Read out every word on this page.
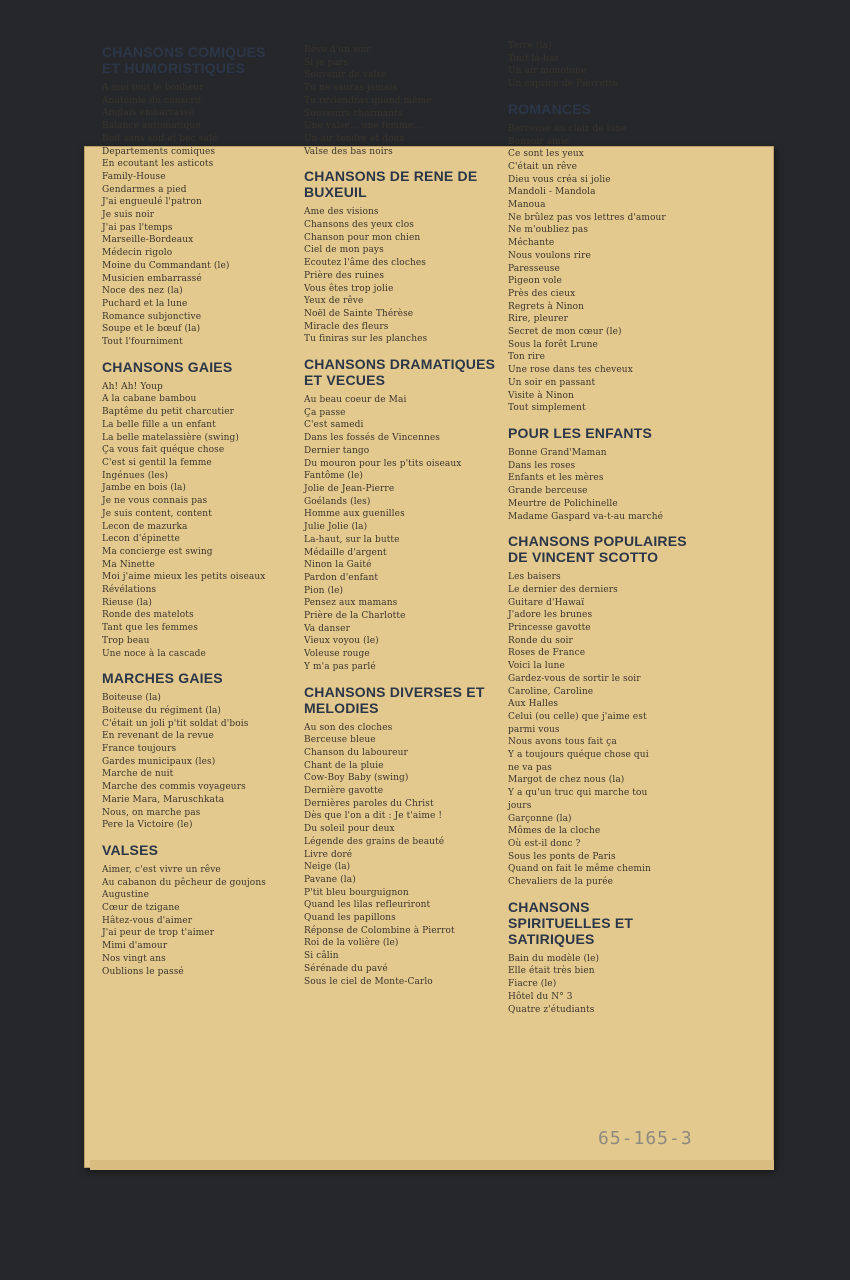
CHANSONS COMIQUES ET HUMORISTIQUES
A moi tout le bonheur
Anatomie du conscrit
Anglais embarrassé
Balance automatique
Boit sans soif et bec salé
Departements comiques
En ecoutant les asticots
Family-House
Gendarmes a pied
J'ai engueulé l'patron
Je suis noir
J'ai pas l'temps
Marseille-Bordeaux
Médecin rigolo
Moine du Commandant (le)
Musicien embarrassé
Noce des nez (la)
Puchard et la lune
Romance subjonctive
Soupe et le bœuf (la)
Tout l'fourniment
CHANSONS GAIES
Ah! Ah! Youp
A la cabane bambou
Baptême du petit charcutier
La belle fille a un enfant
La belle matelassière (swing)
Ça vous fait quéque chose
C'est si gentil la femme
Ingénues (les)
Jambe en bois (la)
Je ne vous connais pas
Je suis content, content
Lecon de mazurka
Lecon d'épinette
Ma concierge est swing
Ma Ninette
Moi j'aime mieux les petits oiseaux
Révélations
Rieuse (la)
Ronde des matelots
Tant que les femmes
Trop beau
Une noce à la cascade
MARCHES GAIES
Boiteuse (la)
Boiteuse du régiment (la)
C'était un joli p'tit soldat d'bois
En revenant de la revue
France toujours
Gardes municipaux (les)
Marche de nuit
Marche des commis voyageurs
Marie Mara, Maruschkata
Nous, on marche pas
Pere la Victoire (le)
VALSES
Aimer, c'est vivre un rêve
Au cabanon du pêcheur de goujons
Augustine
Cœur de tzigane
Hâtez-vous d'aimer
J'ai peur de trop t'aimer
Mimi d'amour
Nos vingt ans
Oublions le passé
Rêve d'un soir
Si je pars
Souvenir de valse
Tu ne sauras jamais
Tu reviendras quand même
Souvenirs charmants
Une valse... une femme...
Un air tendre et doux
Valse des bas noirs
CHANSONS DE RENE DE BUXEUIL
Ame des visions
Chansons des yeux clos
Chanson pour mon chien
Ciel de mon pays
Ecoutez l'âme des cloches
Prière des ruines
Vous êtes trop jolie
Yeux de rêve
Noël de Sainte Thérèse
Miracle des fleurs
Tu finiras sur les planches
CHANSONS DRAMATIQUES ET VECUES
Au beau coeur de Mai
Ça passe
C'est samedi
Dans les fossés de Vincennes
Dernier tango
Du mouron pour les p'tits oiseaux
Fantôme (le)
Jolie de Jean-Pierre
Goélands (les)
Homme aux guenilles
Julie Jolie (la)
La-haut, sur la butte
Médaille d'argent
Ninon la Gaité
Pardon d'enfant
Pion (le)
Pensez aux mamans
Prière de la Charlotte
Va danser
Vieux voyou (le)
Voleuse rouge
Y m'a pas parlé
CHANSONS DIVERSES ET MELODIES
Au son des cloches
Berceuse bleue
Chanson du laboureur
Chant de la pluie
Cow-Boy Baby (swing)
Dernière gavotte
Dernières paroles du Christ
Dès que l'on a dit : Je t'aime !
Du soleil pour deux
Légende des grains de beauté
Livre doré
Neige (la)
Pavane (la)
P'tit bleu bourguignon
Quand les lilas refleuriront
Quand les papillons
Réponse de Colombine à Pierrot
Roi de la volière (le)
Si câlin
Sérénade du pavé
Sous le ciel de Monte-Carlo
Terre (la)
Tout là-bas
Un air monotone
Un caprice de Pierrette
ROMANCES
Berceuse au clair de lune
Bonsoir amie
Ce sont les yeux
C'était un rêve
Dieu vous créa si jolie
Mandoli - Mandola
Manoua
Ne brûlez pas vos lettres d'amour
Ne m'oubliez pas
Méchante
Nous voulons rire
Paresseuse
Pigeon vole
Près des cieux
Regrets à Ninon
Rire, pleurer
Secret de mon cœur (le)
Sous la forêt Lrune
Ton rire
Une rose dans tes cheveux
Un soir en passant
Visite à Ninon
Tout simplement
POUR LES ENFANTS
Bonne Grand'Maman
Dans les roses
Enfants et les mères
Grande berceuse
Meurtre de Polichinelle
Madame Gaspard va-t-au marché
CHANSONS POPULAIRES DE VINCENT SCOTTO
Les baisers
Le dernier des derniers
Guitare d'Hawaï
J'adore les brunes
Princesse gavotte
Ronde du soir
Roses de France
Voici la lune
Gardez-vous de sortir le soir
Caroline, Caroline
Aux Halles
Celui (ou celle) que j'aime est
parmi vous
Nous avons tous fait ça
Y a toujours quéque chose qui
ne va pas
Margot de chez nous (la)
Y a qu'un truc qui marche tou
jours
Garçonne (la)
Mômes de la cloche
Où est-il donc ?
Sous les ponts de Paris
Quand on fait le même chemin
Chevaliers de la purée
CHANSONS SPIRITUELLES ET SATIRIQUES
Bain du modèle (le)
Elle était très bien
Fiacre (le)
Hôtel du N° 3
Quatre z'étudiants
65-165-3
